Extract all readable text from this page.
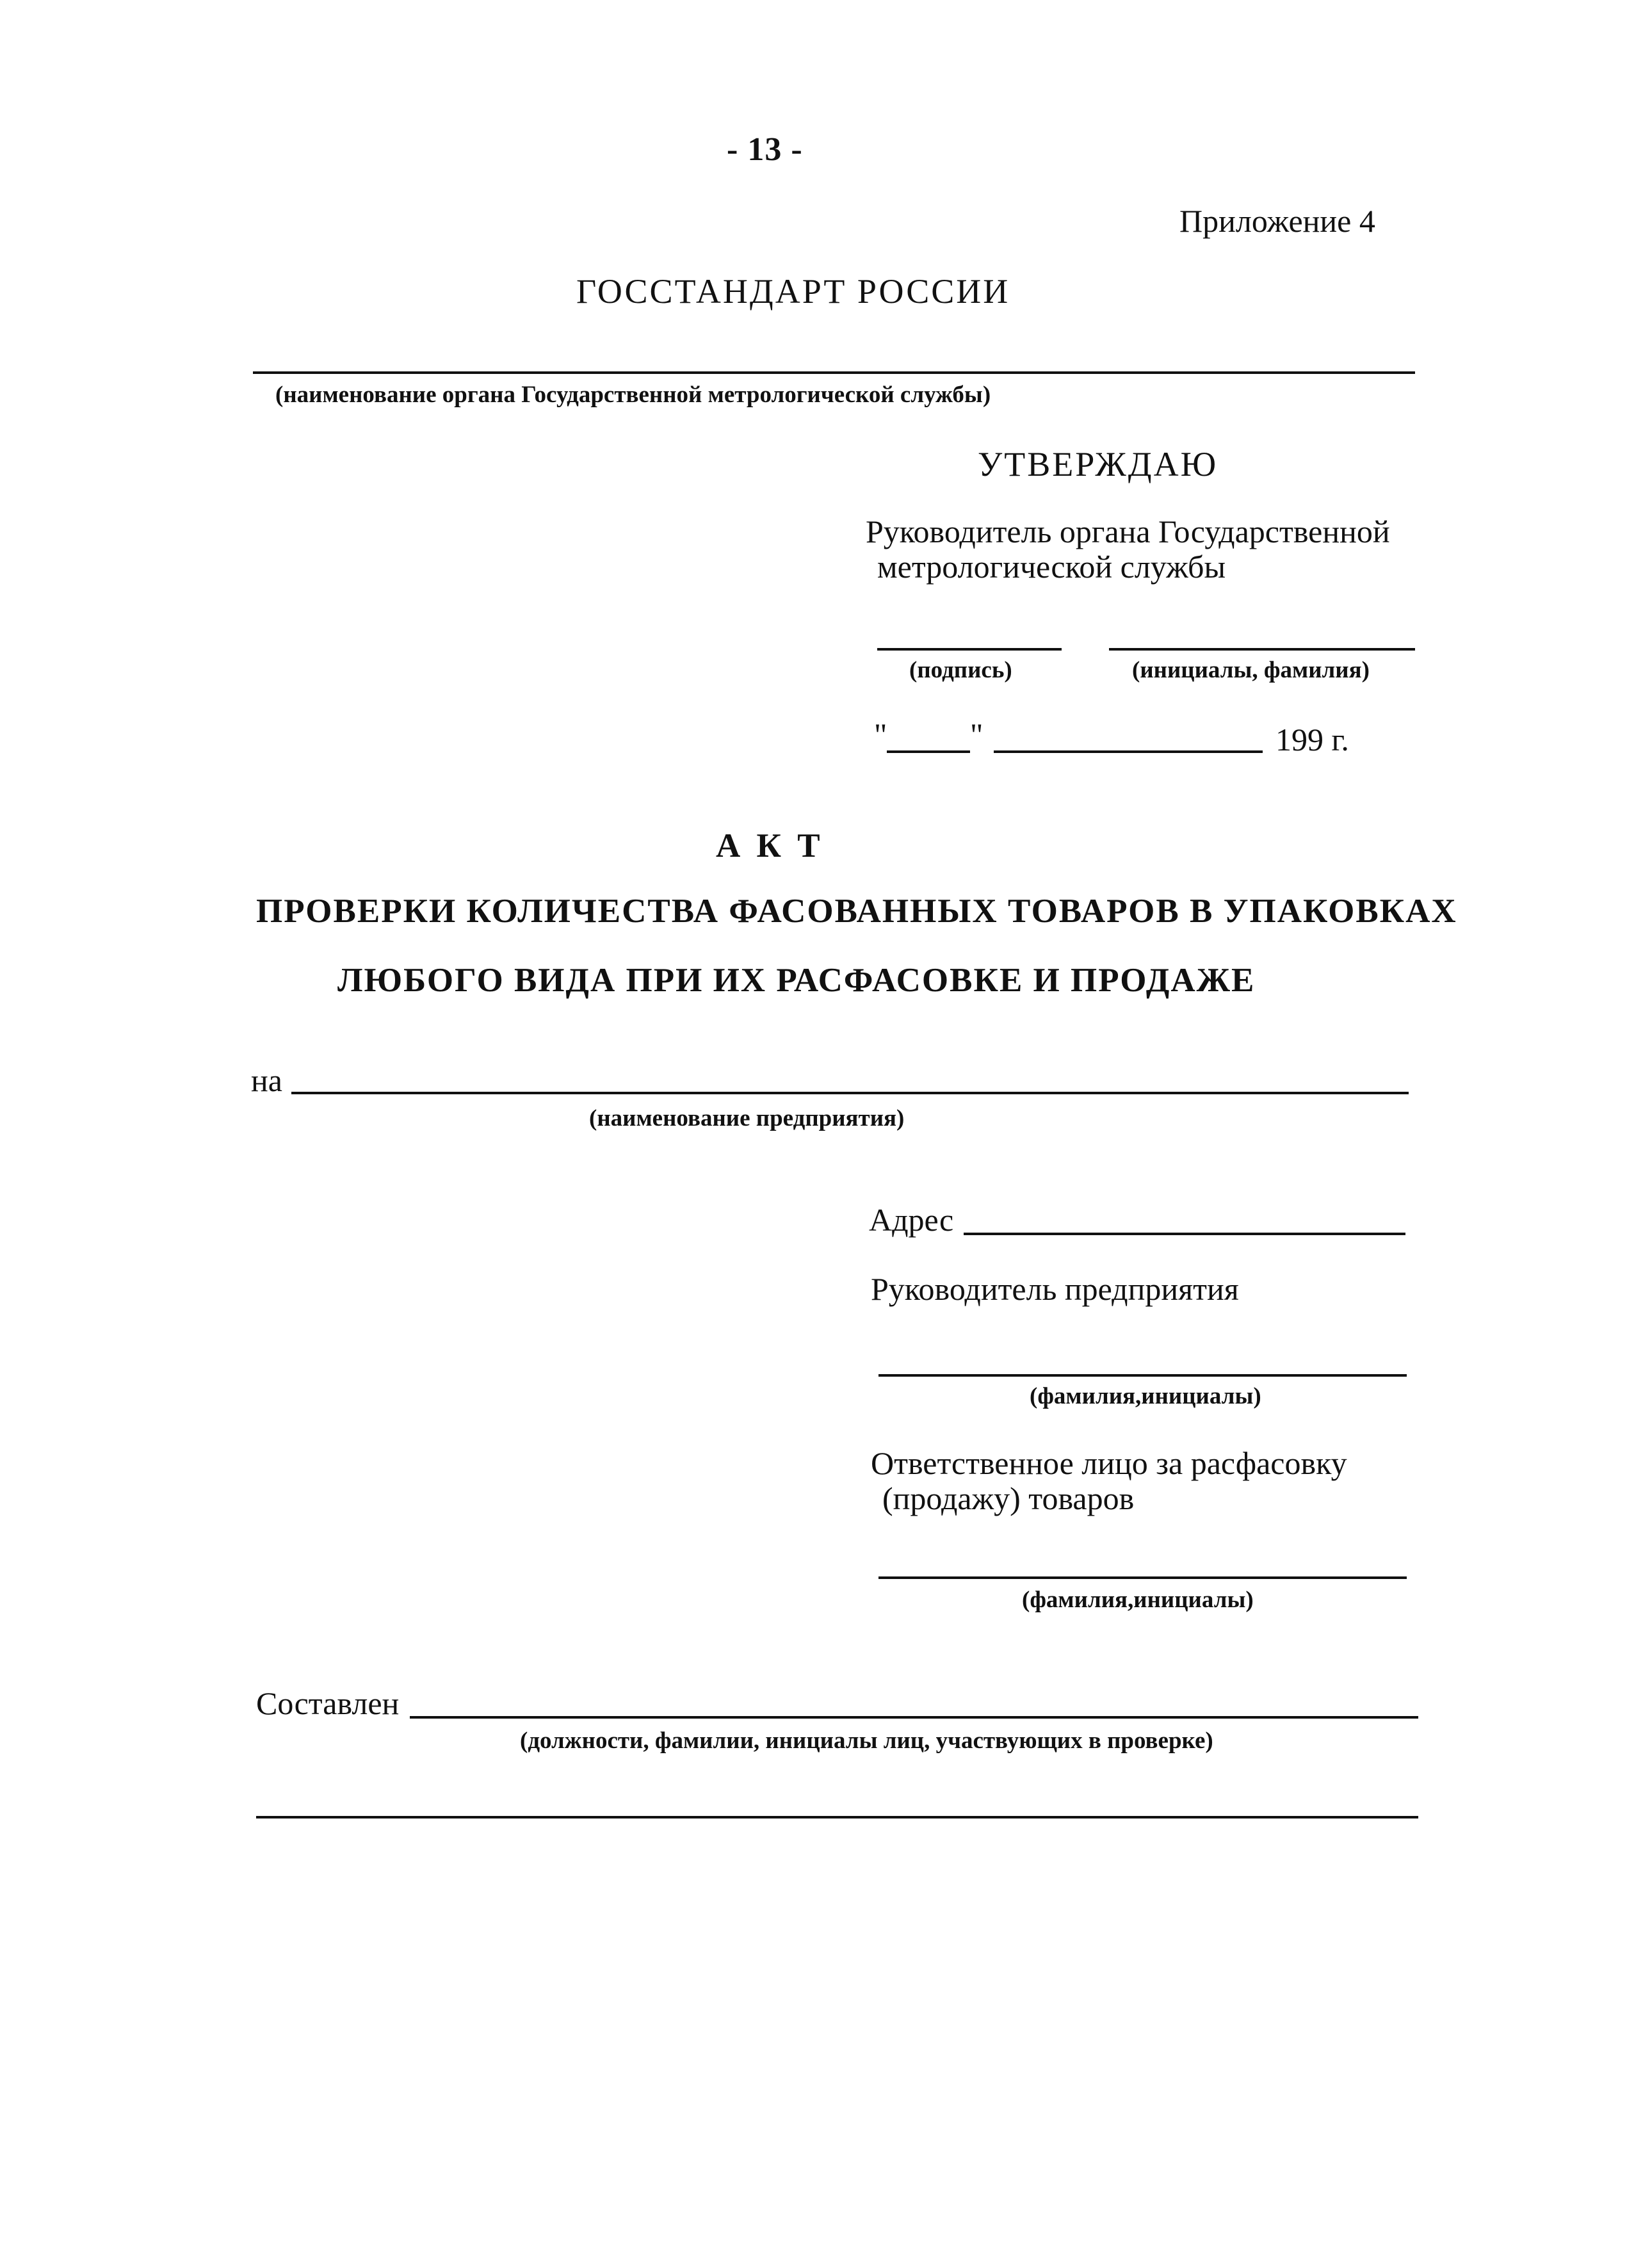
- 13 -
Приложение 4
ГОССТАНДАРТ РОССИИ
(наименование органа Государственной метрологической службы)
УТВЕРЖДАЮ
Руководитель органа Государственной
метрологической службы
(подпись)	(инициалы, фамилия)
"	"	199 г.
А К Т
ПРОВЕРКИ КОЛИЧЕСТВА ФАСОВАННЫХ ТОВАРОВ В УПАКОВКАХ
ЛЮБОГО ВИДА ПРИ ИХ РАСФАСОВКЕ И ПРОДАЖЕ
на
(наименование предприятия)
Адрес
Руководитель предприятия
(фамилия,инициалы)
Ответственное лицо за расфасовку
(продажу) товаров
(фамилия,инициалы)
Составлен
(должности, фамилии, инициалы лиц, участвующих в проверке)
